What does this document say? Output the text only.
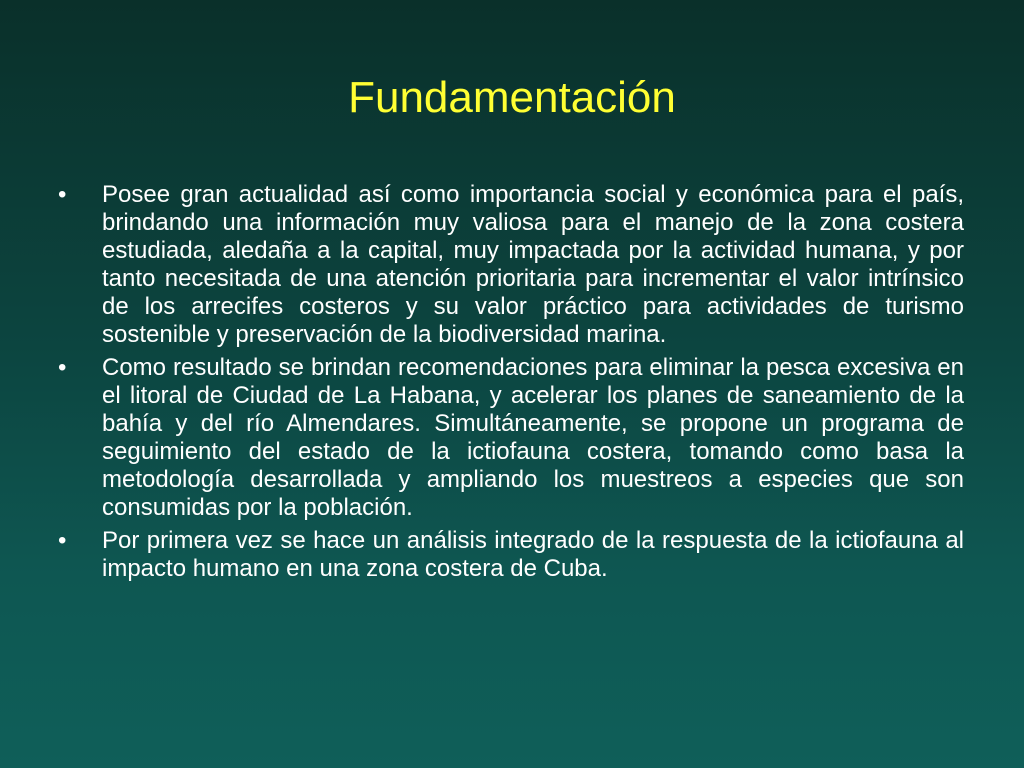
Fundamentación
• Posee gran actualidad así como importancia social y económica para el país, brindando una información muy valiosa para el manejo de la zona costera estudiada, aledaña a la capital, muy impactada por la actividad humana, y por tanto necesitada de una atención prioritaria para incrementar el valor intrínsico de los arrecifes costeros y su valor práctico para actividades de turismo sostenible y preservación de la biodiversidad marina.
• Como resultado se brindan recomendaciones para eliminar la pesca excesiva en el litoral de Ciudad de La Habana, y acelerar los planes de saneamiento de la bahía y del río Almendares. Simultáneamente, se propone un programa de seguimiento del estado de la ictiofauna costera, tomando como basa la metodología desarrollada y ampliando los muestreos a especies que son consumidas por la población.
• Por primera vez se hace un análisis integrado de la respuesta de la ictiofauna al impacto humano en una zona costera de Cuba.
